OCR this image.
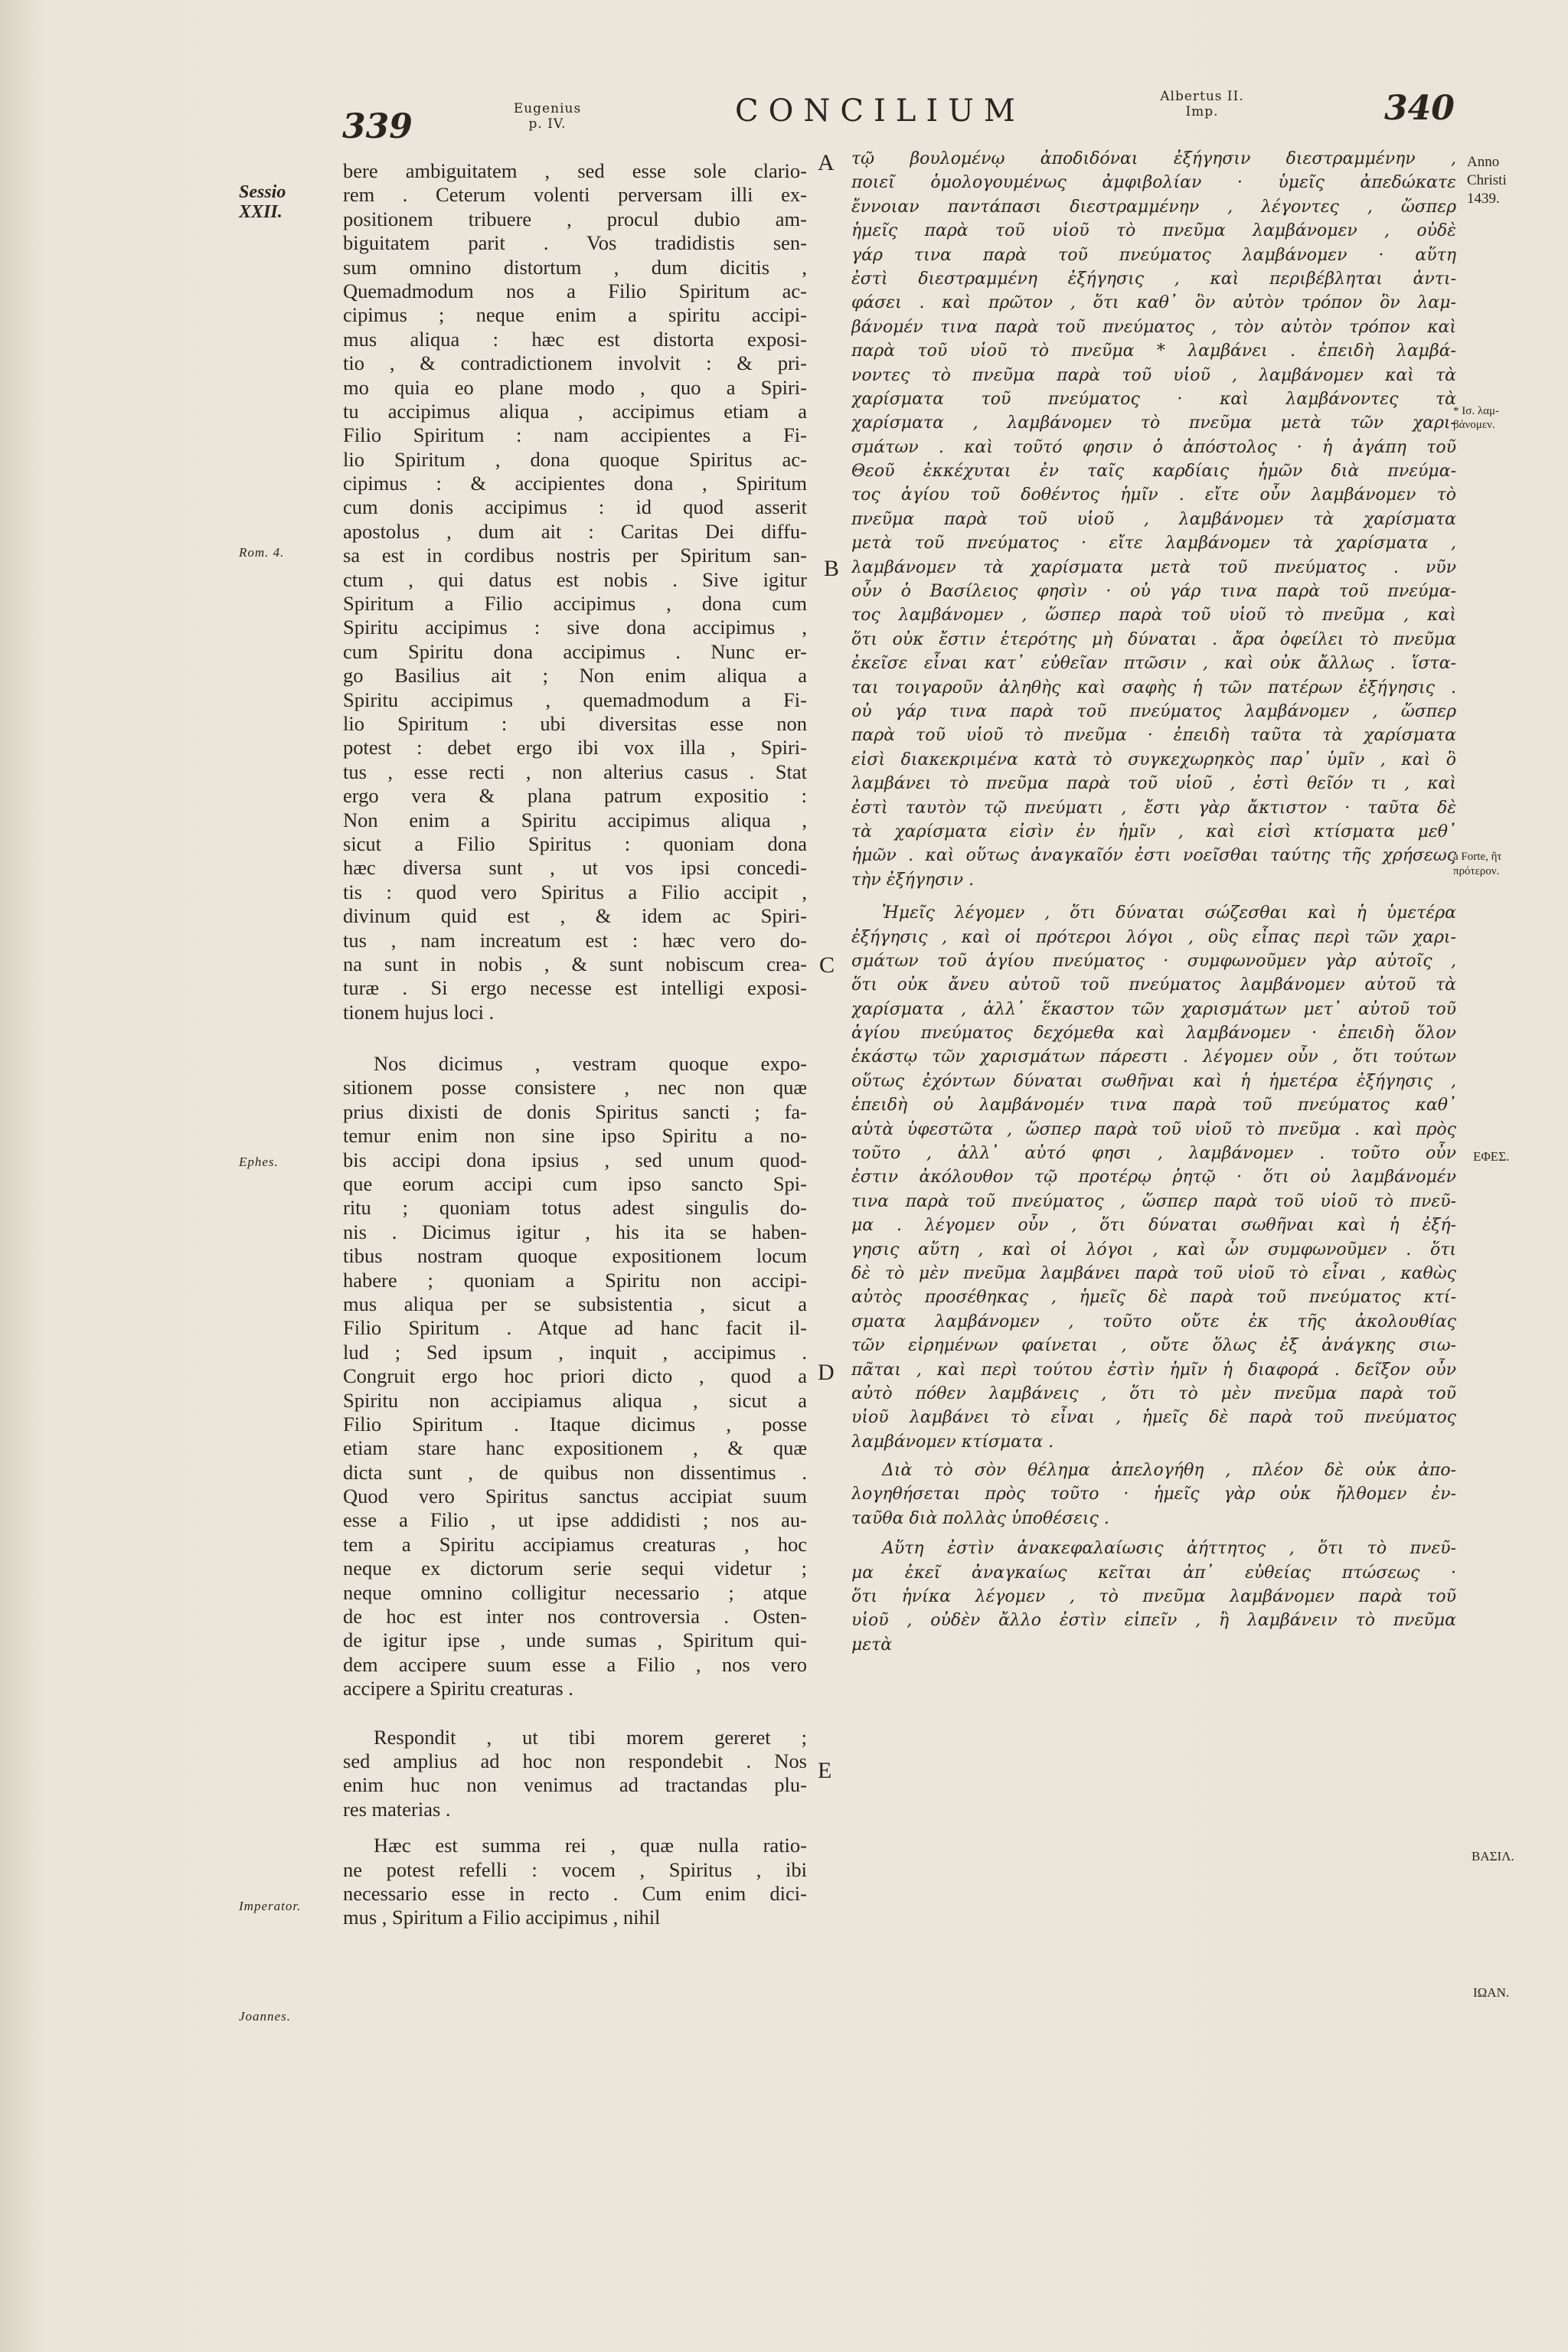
339	Eugenius
p. IV.	CONCILIUM	Albertus II.
Imp.	340
Sessio
XXII.
Rom. 4.
Ephes.
Imperator.
Joannes.
A
B
C
D
E
Anno
Christi
1439.
* Ισ. λαμ-
βάνομεν.
a Forte, ἢτ
πρότερον.
ΕΦΕΣ.
ΒΑΣΙΛ.
ΙΩΑΝ.
bere ambiguitatem , sed esse sole clario-
rem . Ceterum volenti perversam illi ex-
positionem tribuere , procul dubio am-
biguitatem parit . Vos tradidistis sen-
sum omnino distortum , dum dicitis ,
Quemadmodum nos a Filio Spiritum ac-
cipimus ; neque enim a spiritu accipi-
mus aliqua : hæc est distorta exposi-
tio , & contradictionem involvit : & pri-
mo quia eo plane modo , quo a Spiri-
tu accipimus aliqua , accipimus etiam a
Filio Spiritum : nam accipientes a Fi-
lio Spiritum , dona quoque Spiritus ac-
cipimus : & accipientes dona , Spiritum
cum donis accipimus : id quod asserit
apostolus , dum ait : Caritas Dei diffu-
sa est in cordibus nostris per Spiritum san-
ctum , qui datus est nobis . Sive igitur
Spiritum a Filio accipimus , dona cum
Spiritu accipimus : sive dona accipimus ,
cum Spiritu dona accipimus . Nunc er-
go Basilius ait ; Non enim aliqua a
Spiritu accipimus , quemadmodum a Fi-
lio Spiritum : ubi diversitas esse non
potest : debet ergo ibi vox illa , Spiri-
tus , esse recti , non alterius casus . Stat
ergo vera & plana patrum expositio :
Non enim a Spiritu accipimus aliqua ,
sicut a Filio Spiritus : quoniam dona
hæc diversa sunt , ut vos ipsi concedi-
tis : quod vero Spiritus a Filio accipit ,
divinum quid est , & idem ac Spiri-
tus , nam increatum est : hæc vero do-
na sunt in nobis , & sunt nobiscum crea-
turæ . Si ergo necesse est intelligi exposi-
tionem hujus loci .
Nos dicimus , vestram quoque expo-
sitionem posse consistere , nec non quæ
prius dixisti de donis Spiritus sancti ; fa-
temur enim non sine ipso Spiritu a no-
bis accipi dona ipsius , sed unum quod-
que eorum accipi cum ipso sancto Spi-
ritu ; quoniam totus adest singulis do-
nis . Dicimus igitur , his ita se haben-
tibus nostram quoque expositionem locum
habere ; quoniam a Spiritu non accipi-
mus aliqua per se subsistentia , sicut a
Filio Spiritum . Atque ad hanc facit il-
lud ; Sed ipsum , inquit , accipimus .
Congruit ergo hoc priori dicto , quod a
Spiritu non accipiamus aliqua , sicut a
Filio Spiritum . Itaque dicimus , posse
etiam stare hanc expositionem , & quæ
dicta sunt , de quibus non dissentimus .
Quod vero Spiritus sanctus accipiat suum
esse a Filio , ut ipse addidisti ; nos au-
tem a Spiritu accipiamus creaturas , hoc
neque ex dictorum serie sequi videtur ;
neque omnino colligitur necessario ; atque
de hoc est inter nos controversia . Osten-
de igitur ipse , unde sumas , Spiritum qui-
dem accipere suum esse a Filio , nos vero
accipere a Spiritu creaturas .
Respondit , ut tibi morem gereret ;
sed amplius ad hoc non respondebit . Nos
enim huc non venimus ad tractandas plu-
res materias .
Hæc est summa rei , quæ nulla ratio-
ne potest refelli : vocem , Spiritus , ibi
necessario esse in recto . Cum enim dici-
mus , Spiritum a Filio accipimus , nihil
τῷ βουλομένῳ ἀποδιδόναι ἐξήγησιν διεστραμμένην ,
ποιεῖ ὁμολογουμένως ἀμφιβολίαν · ὑμεῖς ἀπεδώκατε
ἔννοιαν παντάπασι διεστραμμένην , λέγοντες , ὥσπερ
ἡμεῖς παρὰ τοῦ υἱοῦ τὸ πνεῦμα λαμβάνομεν , οὐδὲ
γάρ τινα παρὰ τοῦ πνεύματος λαμβάνομεν · αὕτη
ἐστὶ διεστραμμένη ἐξήγησις , καὶ περιβέβληται ἀντι-
φάσει . καὶ πρῶτον , ὅτι καθ᾽ ὃν αὐτὸν τρόπον ὃν λαμ-
βάνομέν τινα παρὰ τοῦ πνεύματος , τὸν αὐτὸν τρόπον καὶ
παρὰ τοῦ υἱοῦ τὸ πνεῦμα * λαμβάνει . ἐπειδὴ λαμβά-
νοντες τὸ πνεῦμα παρὰ τοῦ υἱοῦ , λαμβάνομεν καὶ τὰ
χαρίσματα τοῦ πνεύματος · καὶ λαμβάνοντες τὰ
χαρίσματα , λαμβάνομεν τὸ πνεῦμα μετὰ τῶν χαρι-
σμάτων . καὶ τοῦτό φησιν ὁ ἀπόστολος · ἡ ἀγάπη τοῦ
Θεοῦ ἐκκέχυται ἐν ταῖς καρδίαις ἡμῶν διὰ πνεύμα-
τος ἁγίου τοῦ δοθέντος ἡμῖν . εἴτε οὖν λαμβάνομεν τὸ
πνεῦμα παρὰ τοῦ υἱοῦ , λαμβάνομεν τὰ χαρίσματα
μετὰ τοῦ πνεύματος · εἴτε λαμβάνομεν τὰ χαρίσματα ,
λαμβάνομεν τὰ χαρίσματα μετὰ τοῦ πνεύματος . νῦν
οὖν ὁ Βασίλειος φησὶν · οὐ γάρ τινα παρὰ τοῦ πνεύμα-
τος λαμβάνομεν , ὥσπερ παρὰ τοῦ υἱοῦ τὸ πνεῦμα , καὶ
ὅτι οὐκ ἔστιν ἑτερότης μὴ δύναται . ἄρα ὀφείλει τὸ πνεῦμα
ἐκεῖσε εἶναι κατ᾽ εὐθεῖαν πτῶσιν , καὶ οὐκ ἄλλως . ἵστα-
ται τοιγαροῦν ἀληθὴς καὶ σαφὴς ἡ τῶν πατέρων ἐξήγησις .
οὐ γάρ τινα παρὰ τοῦ πνεύματος λαμβάνομεν , ὥσπερ
παρὰ τοῦ υἱοῦ τὸ πνεῦμα · ἐπειδὴ ταῦτα τὰ χαρίσματα
εἰσὶ διακεκριμένα κατὰ τὸ συγκεχωρηκὸς παρ᾽ ὑμῖν , καὶ ὃ
λαμβάνει τὸ πνεῦμα παρὰ τοῦ υἱοῦ , ἐστὶ θεῖόν τι , καὶ
ἐστὶ ταυτὸν τῷ πνεύματι , ἔστι γὰρ ἄκτιστον · ταῦτα δὲ
τὰ χαρίσματα εἰσὶν ἐν ἡμῖν , καὶ εἰσὶ κτίσματα μεθ᾽
ἡμῶν . καὶ οὕτως ἀναγκαῖόν ἐστι νοεῖσθαι ταύτης τῆς χρήσεως
τὴν ἐξήγησιν .
Ἡμεῖς λέγομεν , ὅτι δύναται σώζεσθαι καὶ ἡ ὑμετέρα
ἐξήγησις , καὶ οἱ πρότεροι λόγοι , οὓς εἶπας περὶ τῶν χαρι-
σμάτων τοῦ ἁγίου πνεύματος · συμφωνοῦμεν γὰρ αὐτοῖς ,
ὅτι οὐκ ἄνευ αὐτοῦ τοῦ πνεύματος λαμβάνομεν αὐτοῦ τὰ
χαρίσματα , ἀλλ᾽ ἕκαστον τῶν χαρισμάτων μετ᾽ αὐτοῦ τοῦ
ἁγίου πνεύματος δεχόμεθα καὶ λαμβάνομεν · ἐπειδὴ ὅλον
ἑκάστῳ τῶν χαρισμάτων πάρεστι . λέγομεν οὖν , ὅτι τούτων
οὕτως ἐχόντων δύναται σωθῆναι καὶ ἡ ἡμετέρα ἐξήγησις ,
ἐπειδὴ οὐ λαμβάνομέν τινα παρὰ τοῦ πνεύματος καθ᾽
αὑτὰ ὑφεστῶτα , ὥσπερ παρὰ τοῦ υἱοῦ τὸ πνεῦμα . καὶ πρὸς
τοῦτο , ἀλλ᾽ αὐτό φησι , λαμβάνομεν . τοῦτο οὖν
ἐστιν ἀκόλουθον τῷ προτέρῳ ῥητῷ · ὅτι οὐ λαμβάνομέν
τινα παρὰ τοῦ πνεύματος , ὥσπερ παρὰ τοῦ υἱοῦ τὸ πνεῦ-
μα . λέγομεν οὖν , ὅτι δύναται σωθῆναι καὶ ἡ ἐξή-
γησις αὕτη , καὶ οἱ λόγοι , καὶ ὧν συμφωνοῦμεν . ὅτι
δὲ τὸ μὲν πνεῦμα λαμβάνει παρὰ τοῦ υἱοῦ τὸ εἶναι , καθὼς
αὐτὸς προσέθηκας , ἡμεῖς δὲ παρὰ τοῦ πνεύματος κτί-
σματα λαμβάνομεν , τοῦτο οὔτε ἐκ τῆς ἀκολουθίας
τῶν εἰρημένων φαίνεται , οὔτε ὅλως ἐξ ἀνάγκης σιω-
πᾶται , καὶ περὶ τούτου ἐστὶν ἡμῖν ἡ διαφορά . δεῖξον οὖν
αὐτὸ πόθεν λαμβάνεις , ὅτι τὸ μὲν πνεῦμα παρὰ τοῦ
υἱοῦ λαμβάνει τὸ εἶναι , ἡμεῖς δὲ παρὰ τοῦ πνεύματος
λαμβάνομεν κτίσματα .
Διὰ τὸ σὸν θέλημα ἀπελογήθη , πλέον δὲ οὐκ ἀπο-
λογηθήσεται πρὸς τοῦτο · ἡμεῖς γὰρ οὐκ ἤλθομεν ἐν-
ταῦθα διὰ πολλὰς ὑποθέσεις .
Αὕτη ἐστὶν ἀνακεφαλαίωσις ἀήττητος , ὅτι τὸ πνεῦ-
μα ἐκεῖ ἀναγκαίως κεῖται ἀπ᾽ εὐθείας πτώσεως ·
ὅτι ἡνίκα λέγομεν , τὸ πνεῦμα λαμβάνομεν παρὰ τοῦ
υἱοῦ , οὐδὲν ἄλλο ἐστὶν εἰπεῖν , ἢ λαμβάνειν τὸ πνεῦμα
μετὰ
